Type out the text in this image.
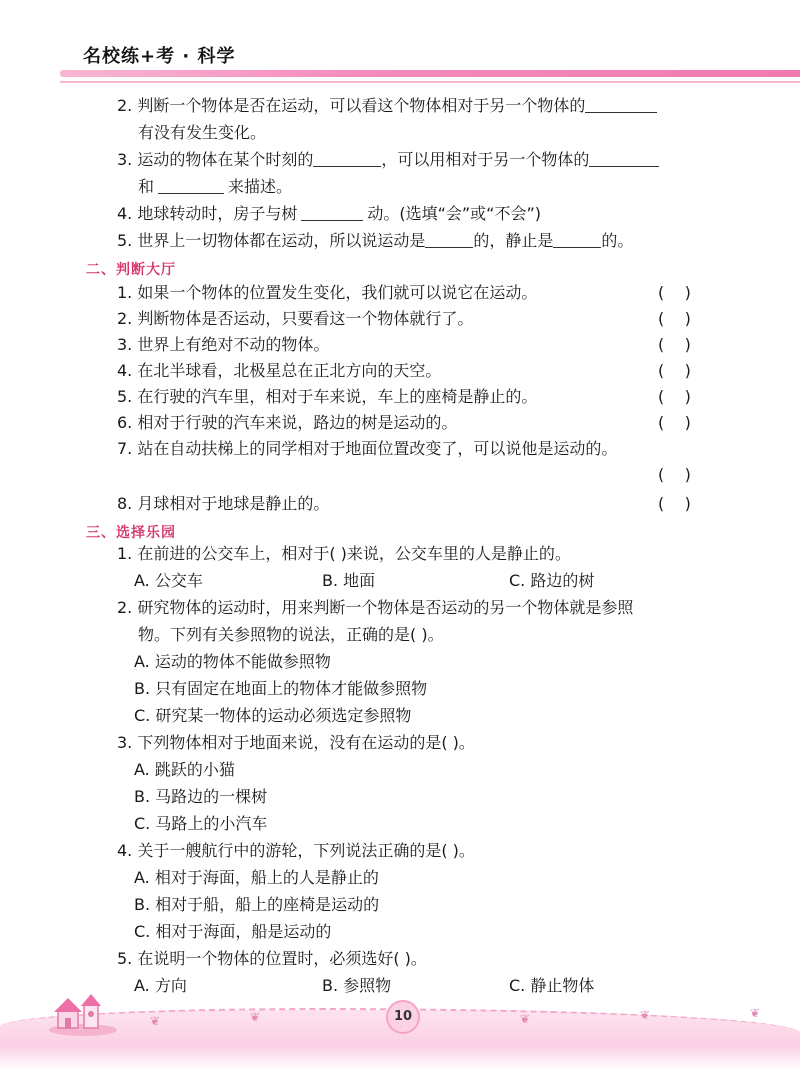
名校练+考 · 科学
2. 判断一个物体是否在运动，可以看这个物体相对于另一个物体的
有没有发生变化。
3. 运动的物体在某个时刻的	，可以用相对于另一个物体的
和	来描述。
4. 地球转动时，房子与树	动。(选填“会”或“不会”)
5. 世界上一切物体都在运动，所以说运动是	的，静止是	的。
二、判断大厅
1. 如果一个物体的位置发生变化，我们就可以说它在运动。	(    )
2. 判断物体是否运动，只要看这一个物体就行了。	(    )
3. 世界上有绝对不动的物体。	(    )
4. 在北半球看，北极星总在正北方向的天空。	(    )
5. 在行驶的汽车里，相对于车来说，车上的座椅是静止的。	(    )
6. 相对于行驶的汽车来说，路边的树是运动的。	(    )
7. 站在自动扶梯上的同学相对于地面位置改变了，可以说他是运动的。
(    )
8. 月球相对于地球是静止的。	(    )
三、选择乐园
1. 在前进的公交车上，相对于( )来说，公交车里的人是静止的。
A. 公交车	B. 地面	C. 路边的树
2. 研究物体的运动时，用来判断一个物体是否运动的另一个物体就是参照
物。下列有关参照物的说法，正确的是( )。
A. 运动的物体不能做参照物
B. 只有固定在地面上的物体才能做参照物
C. 研究某一物体的运动必须选定参照物
3. 下列物体相对于地面来说，没有在运动的是( )。
A. 跳跃的小猫
B. 马路边的一棵树
C. 马路上的小汽车
4. 关于一艘航行中的游轮，下列说法正确的是( )。
A. 相对于海面，船上的人是静止的
B. 相对于船，船上的座椅是运动的
C. 相对于海面，船是运动的
5. 在说明一个物体的位置时，必须选好( )。
A. 方向	B. 参照物	C. 静止物体
10
❦	❦	❦	❦	❦
